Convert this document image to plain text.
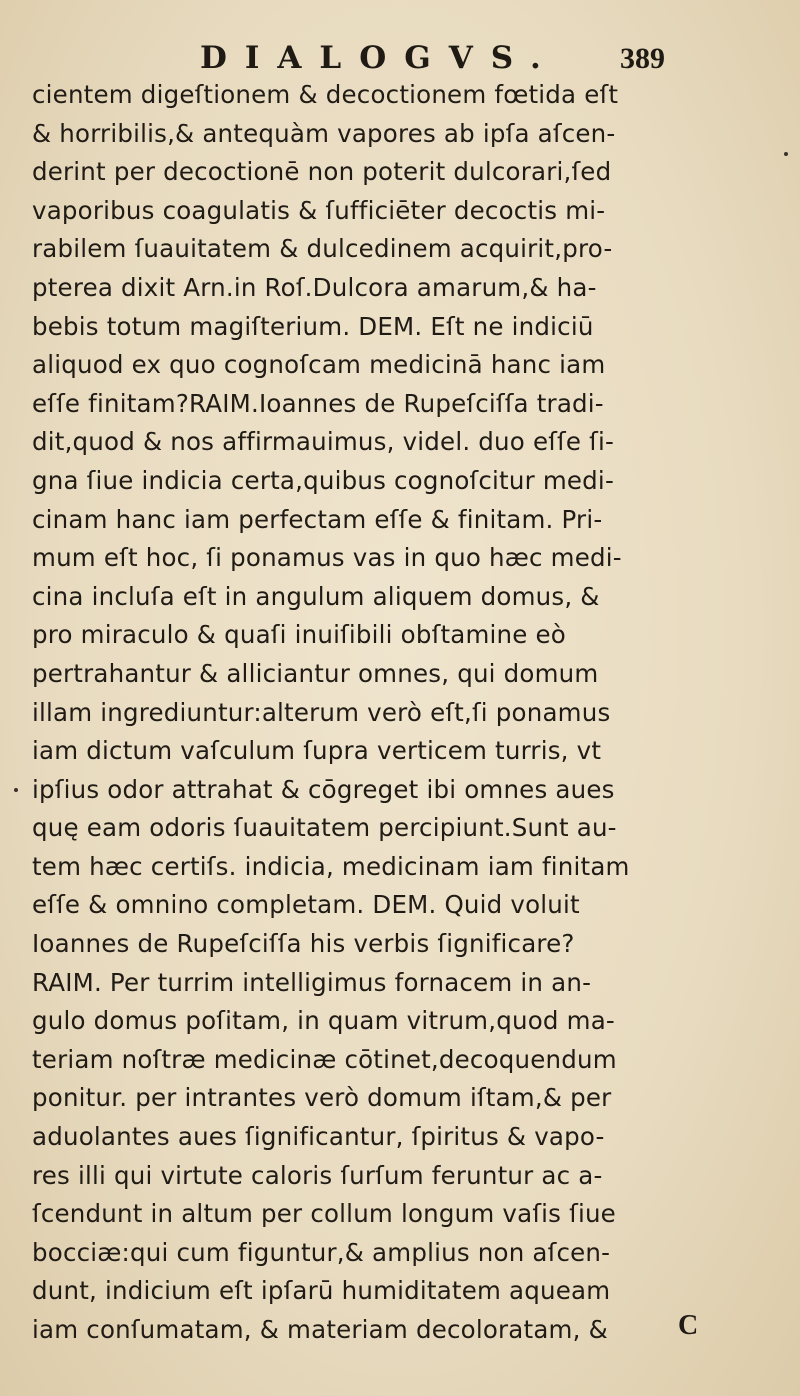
DIALOGVS. 389
cientem digeſtionem & decoctionem fœtida eſt
& horribilis,& antequàm vapores ab ipſa aſcen-
derint per decoctionē non poterit dulcorari,ſed
vaporibus coagulatis & ſufficiēter decoctis mi-
rabilem ſuauitatem & dulcedinem acquirit,pro-
pterea dixit Arn.in Roſ.Dulcora amarum,& ha-
bebis totum magiſterium. DEM. Eſt ne indiciū
aliquod ex quo cognoſcam medicinā hanc iam
eſſe finitam?RAIM.Ioannes de Rupeſciſſa tradi-
dit,quod & nos affirmauimus, videl. duo eſſe ſi-
gna ſiue indicia certa,quibus cognoſcitur medi-
cinam hanc iam perfectam eſſe & finitam. Pri-
mum eſt hoc, ſi ponamus vas in quo hæc medi-
cina incluſa eſt in angulum aliquem domus, &
pro miraculo & quaſi inuiſibili obſtamine eò
pertrahantur & alliciantur omnes, qui domum
illam ingrediuntur:alterum verò eſt,ſi ponamus
iam dictum vaſculum ſupra verticem turris, vt
ipſius odor attrahat & cōgreget ibi omnes aues
quę eam odoris ſuauitatem percipiunt.Sunt au-
tem hæc certiſs. indicia, medicinam iam finitam
eſſe & omnino completam. DEM. Quid voluit
Ioannes de Rupeſciſſa his verbis ſignificare?
RAIM. Per turrim intelligimus fornacem in an-
gulo domus poſitam, in quam vitrum,quod ma-
teriam noſtræ medicinæ cōtinet,decoquendum
ponitur. per intrantes verò domum iſtam,& per
aduolantes aues ſignificantur, ſpiritus & vapo-
res illi qui virtute caloris ſurſum feruntur ac a-
ſcendunt in altum per collum longum vaſis ſiue
bocciæ:qui cum figuntur,& amplius non aſcen-
dunt, indicium eſt ipſarū humiditatem aqueam
iam conſumatam, & materiam decoloratam, &	C
